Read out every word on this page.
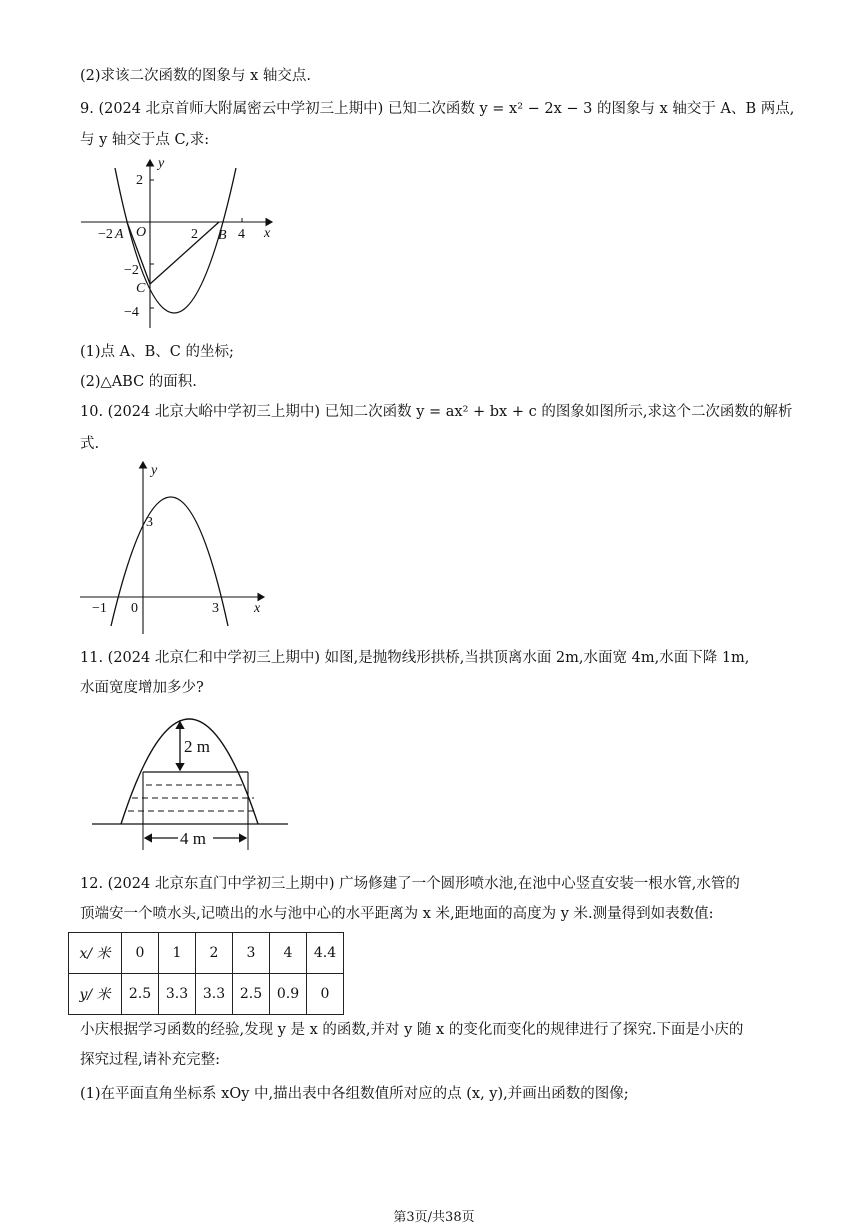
(2)求该二次函数的图象与 x 轴交点.
9. (2024 北京首师大附属密云中学初三上期中) 已知二次函数 y = x² − 2x − 3 的图象与 x 轴交于 A、B 两点,
与 y 轴交于点 C,求:
y
x
2
−2 A O	2 B 4
−2
C
−4
(1)点 A、B、C 的坐标;
(2)△ABC 的面积.
10. (2024 北京大峪中学初三上期中) 已知二次函数 y = ax² + bx + c 的图象如图所示,求这个二次函数的解析
式.
y
x
3
−1 0	3
11. (2024 北京仁和中学初三上期中) 如图,是抛物线形拱桥,当拱顶离水面 2m,水面宽 4m,水面下降 1m,
水面宽度增加多少?
2 m
4 m
12. (2024 北京东直门中学初三上期中) 广场修建了一个圆形喷水池,在池中心竖直安装一根水管,水管的
顶端安一个喷水头,记喷出的水与池中心的水平距离为 x 米,距地面的高度为 y 米.测量得到如表数值:
x/ 米	0	1	2	3	4	4.4
y/ 米	2.5	3.3	3.3	2.5	0.9	0
小庆根据学习函数的经验,发现 y 是 x 的函数,并对 y 随 x 的变化而变化的规律进行了探究.下面是小庆的
探究过程,请补充完整:
(1)在平面直角坐标系 xOy 中,描出表中各组数值所对应的点 (x, y),并画出函数的图像;
第3页/共38页
